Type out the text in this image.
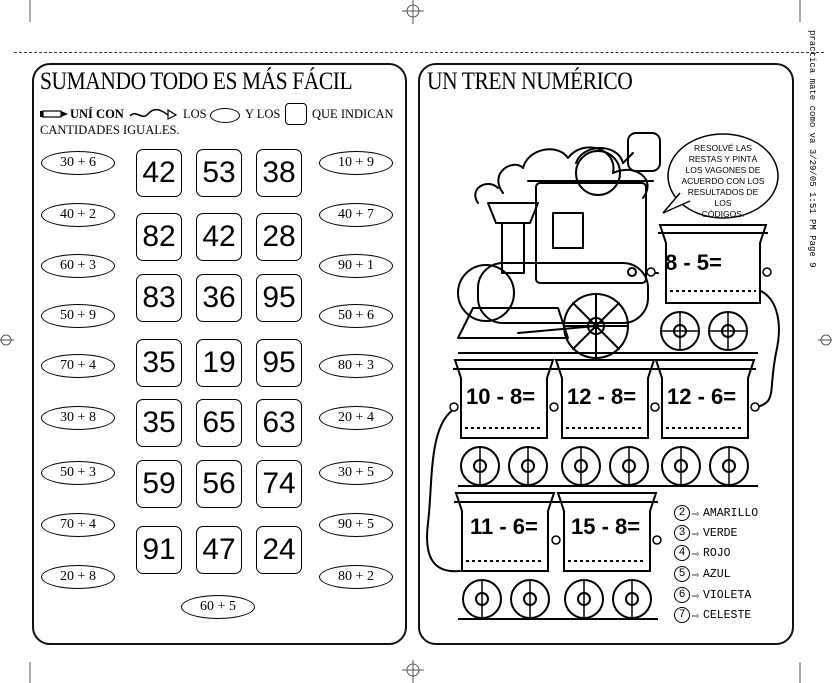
practica mate como va 3/29/05 1:51 PM Page 9
SUMANDO TODO ES MÁS FÁCIL
UNÍ CON	LOS	Y LOS	QUE INDICAN
CANTIDADES IGUALES.
30 + 6
40 + 2
60 + 3
50 + 9
70 + 4
30 + 8
50 + 3
70 + 4
20 + 8
10 + 9
40 + 7
90 + 1
50 + 6
80 + 3
20 + 4
30 + 5
90 + 5
80 + 2
60 + 5
42 53 38
82 42 28
83 36 95
35 19 95
35 65 63
59 56 74
91 47 24
UN TREN NUMÉRICO
RESOLVÉ LAS
RESTAS Y PINTÁ
LOS VAGONES DE
ACUERDO CON LOS
RESULTADOS DE LOS
CÓDIGOS.
8 - 5=
10 - 8= 12 - 8= 12 - 6=
11 - 6= 15 - 8=
2 ⇨ AMARILLO
3 ⇨ VERDE
4 ⇨ ROJO
5 ⇨ AZUL
6 ⇨ VIOLETA
7 ⇨ CELESTE
